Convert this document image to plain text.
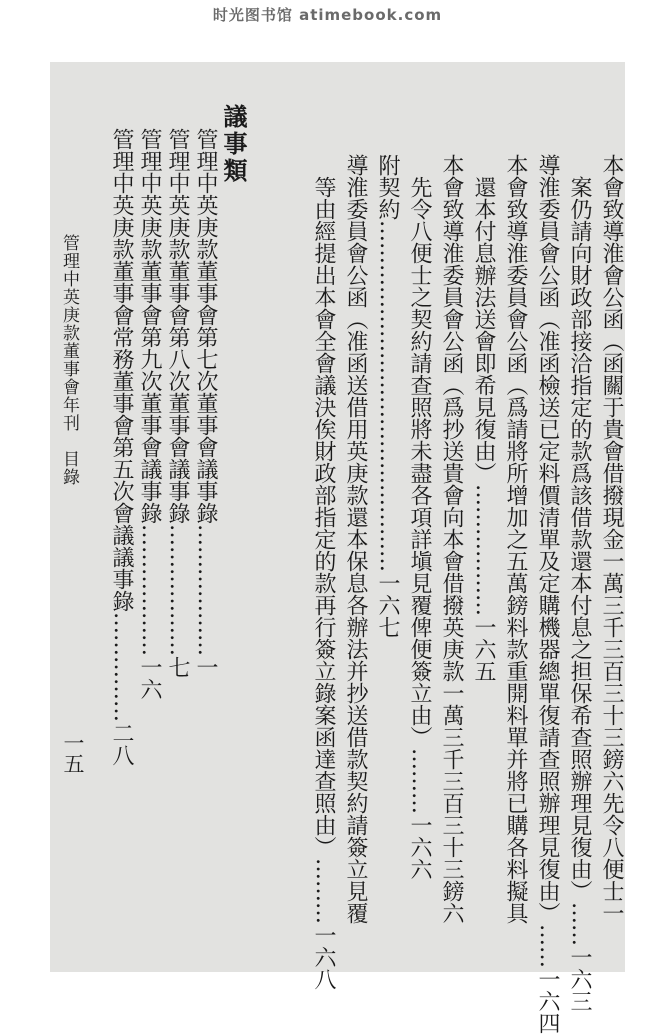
时光图书馆 atimebook.com
本會致導淮會公函（函關于貴會借撥現金一萬三千三百三十三鎊六先令八便士一
　案仍請向財政部接洽指定的款爲該借款還本付息之担保希查照辦理見復由）……一六三
導淮委員會公函（准函檢送已定料價清單及定購機器總單復請查照辦理見復由）……一六四
本會致導淮委員會公函（爲請將所增加之五萬鎊料款重開料單并將已購各料擬具
　還本付息辦法送會即希見復由）………………一六五
本會致導淮委員會公函（爲抄送貴會向本會借撥英庚款一萬三千三百三十三鎊六
　先令八便士之契約請查照將未盡各項詳塡見覆俾便簽立由）………一六六
附契約…………………………………………一六七
導淮委員會公函（准函送借用英庚款還本保息各辦法并抄送借款契約請簽立見覆
　等由經提出本會全會議決俟財政部指定的款再行簽立錄案函達查照由）………一六八
議事類
管理中英庚款董事會第七次董事會議事錄………………一
管理中英庚款董事會第八次董事會議事錄………………七
管理中英庚款董事會第九次董事會議事錄………………一六
管理中英庚款董事會常務董事會第五次會議議事錄……………二八
管理中英庚款董事會年刊　目錄
一五
